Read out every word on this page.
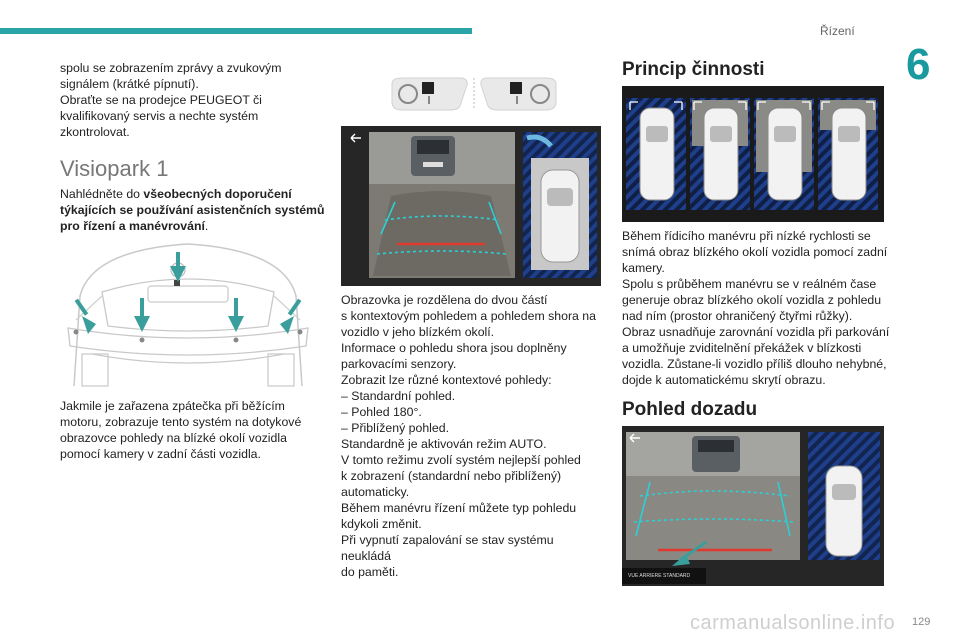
Řízení
6

spolu se zobrazením zprávy a zvukovým

signálem (krátké pípnutí).

Obraťte se na prodejce PEUGEOT či

kvalifikovaný servis a nechte systém

zkontrolovat.

Visiopark 1

Nahlédněte do všeobecných doporučení

týkajících se používání asistenčních systémů

pro řízení a manévrování.

Jakmile je zařazena zpátečka při běžícím

motoru, zobrazuje tento systém na dotykové

obrazovce pohledy na blízké okolí vozidla

pomocí kamery v zadní části vozidla.

Obrazovka je rozdělena do dvou částí

s kontextovým pohledem a pohledem shora na

vozidlo v jeho blízkém okolí.

Informace o pohledu shora jsou doplněny

parkovacími senzory.

Zobrazit lze různé kontextové pohledy:

– Standardní pohled.

– Pohled 180°.

– Přiblížený pohled.

Standardně je aktivován režim AUTO.

V tomto režimu zvolí systém nejlepší pohled

k zobrazení (standardní nebo přiblížený)

automaticky.

Během manévru řízení můžete typ pohledu

kdykoli změnit.

Při vypnutí zapalování se stav systému neukládá

do paměti.

Princip činnosti

Během řídicího manévru při nízké rychlosti se

snímá obraz blízkého okolí vozidla pomocí zadní

kamery.

Spolu s průběhem manévru se v reálném čase

generuje obraz blízkého okolí vozidla z pohledu

nad ním (prostor ohraničený čtyřmi růžky).

Obraz usnadňuje zarovnání vozidla při parkování

a umožňuje zviditelnění překážek v blízkosti

vozidla. Zůstane-li vozidlo příliš dlouho nehybné,

dojde k automatickému skrytí obrazu.

Pohled dozadu
VUE ARRIERE STANDARD
carmanualsonline.info 129
